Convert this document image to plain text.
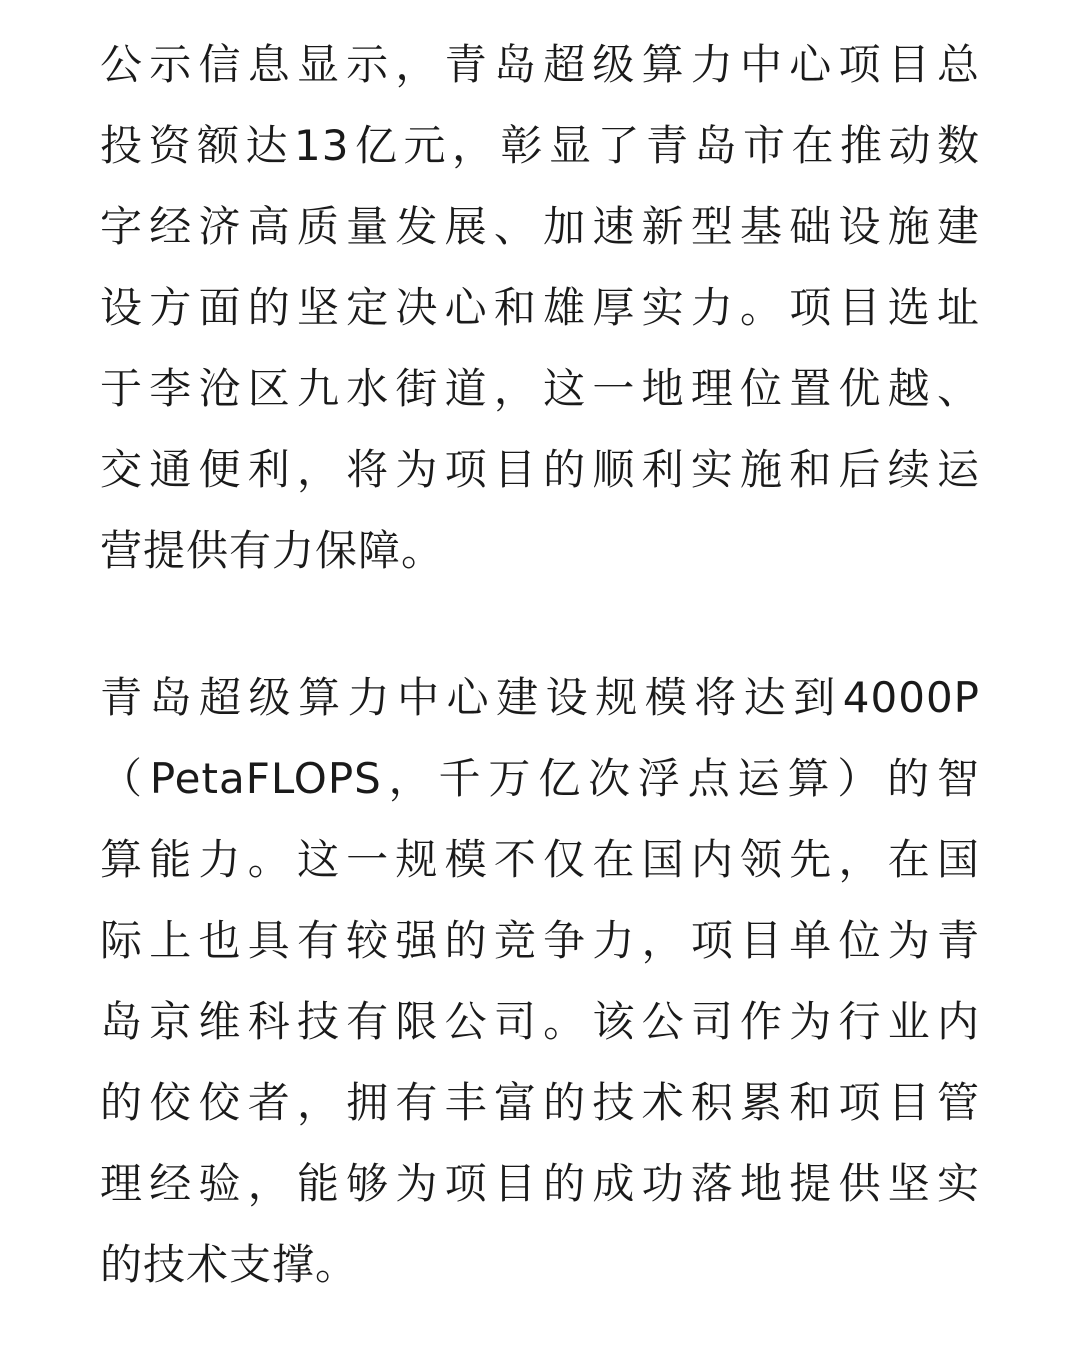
公示信息显示，青岛超级算力中心项目总
投资额达13亿元，彰显了青岛市在推动数
字经济高质量发展、加速新型基础设施建
设方面的坚定决心和雄厚实力。项目选址
于李沧区九水街道，这一地理位置优越、
交通便利，将为项目的顺利实施和后续运
营提供有力保障。

青岛超级算力中心建设规模将达到4000P
（PetaFLOPS，千万亿次浮点运算）的智
算能力。这一规模不仅在国内领先，在国
际上也具有较强的竞争力，项目单位为青
岛京维科技有限公司。该公司作为行业内
的佼佼者，拥有丰富的技术积累和项目管
理经验，能够为项目的成功落地提供坚实
的技术支撑。
